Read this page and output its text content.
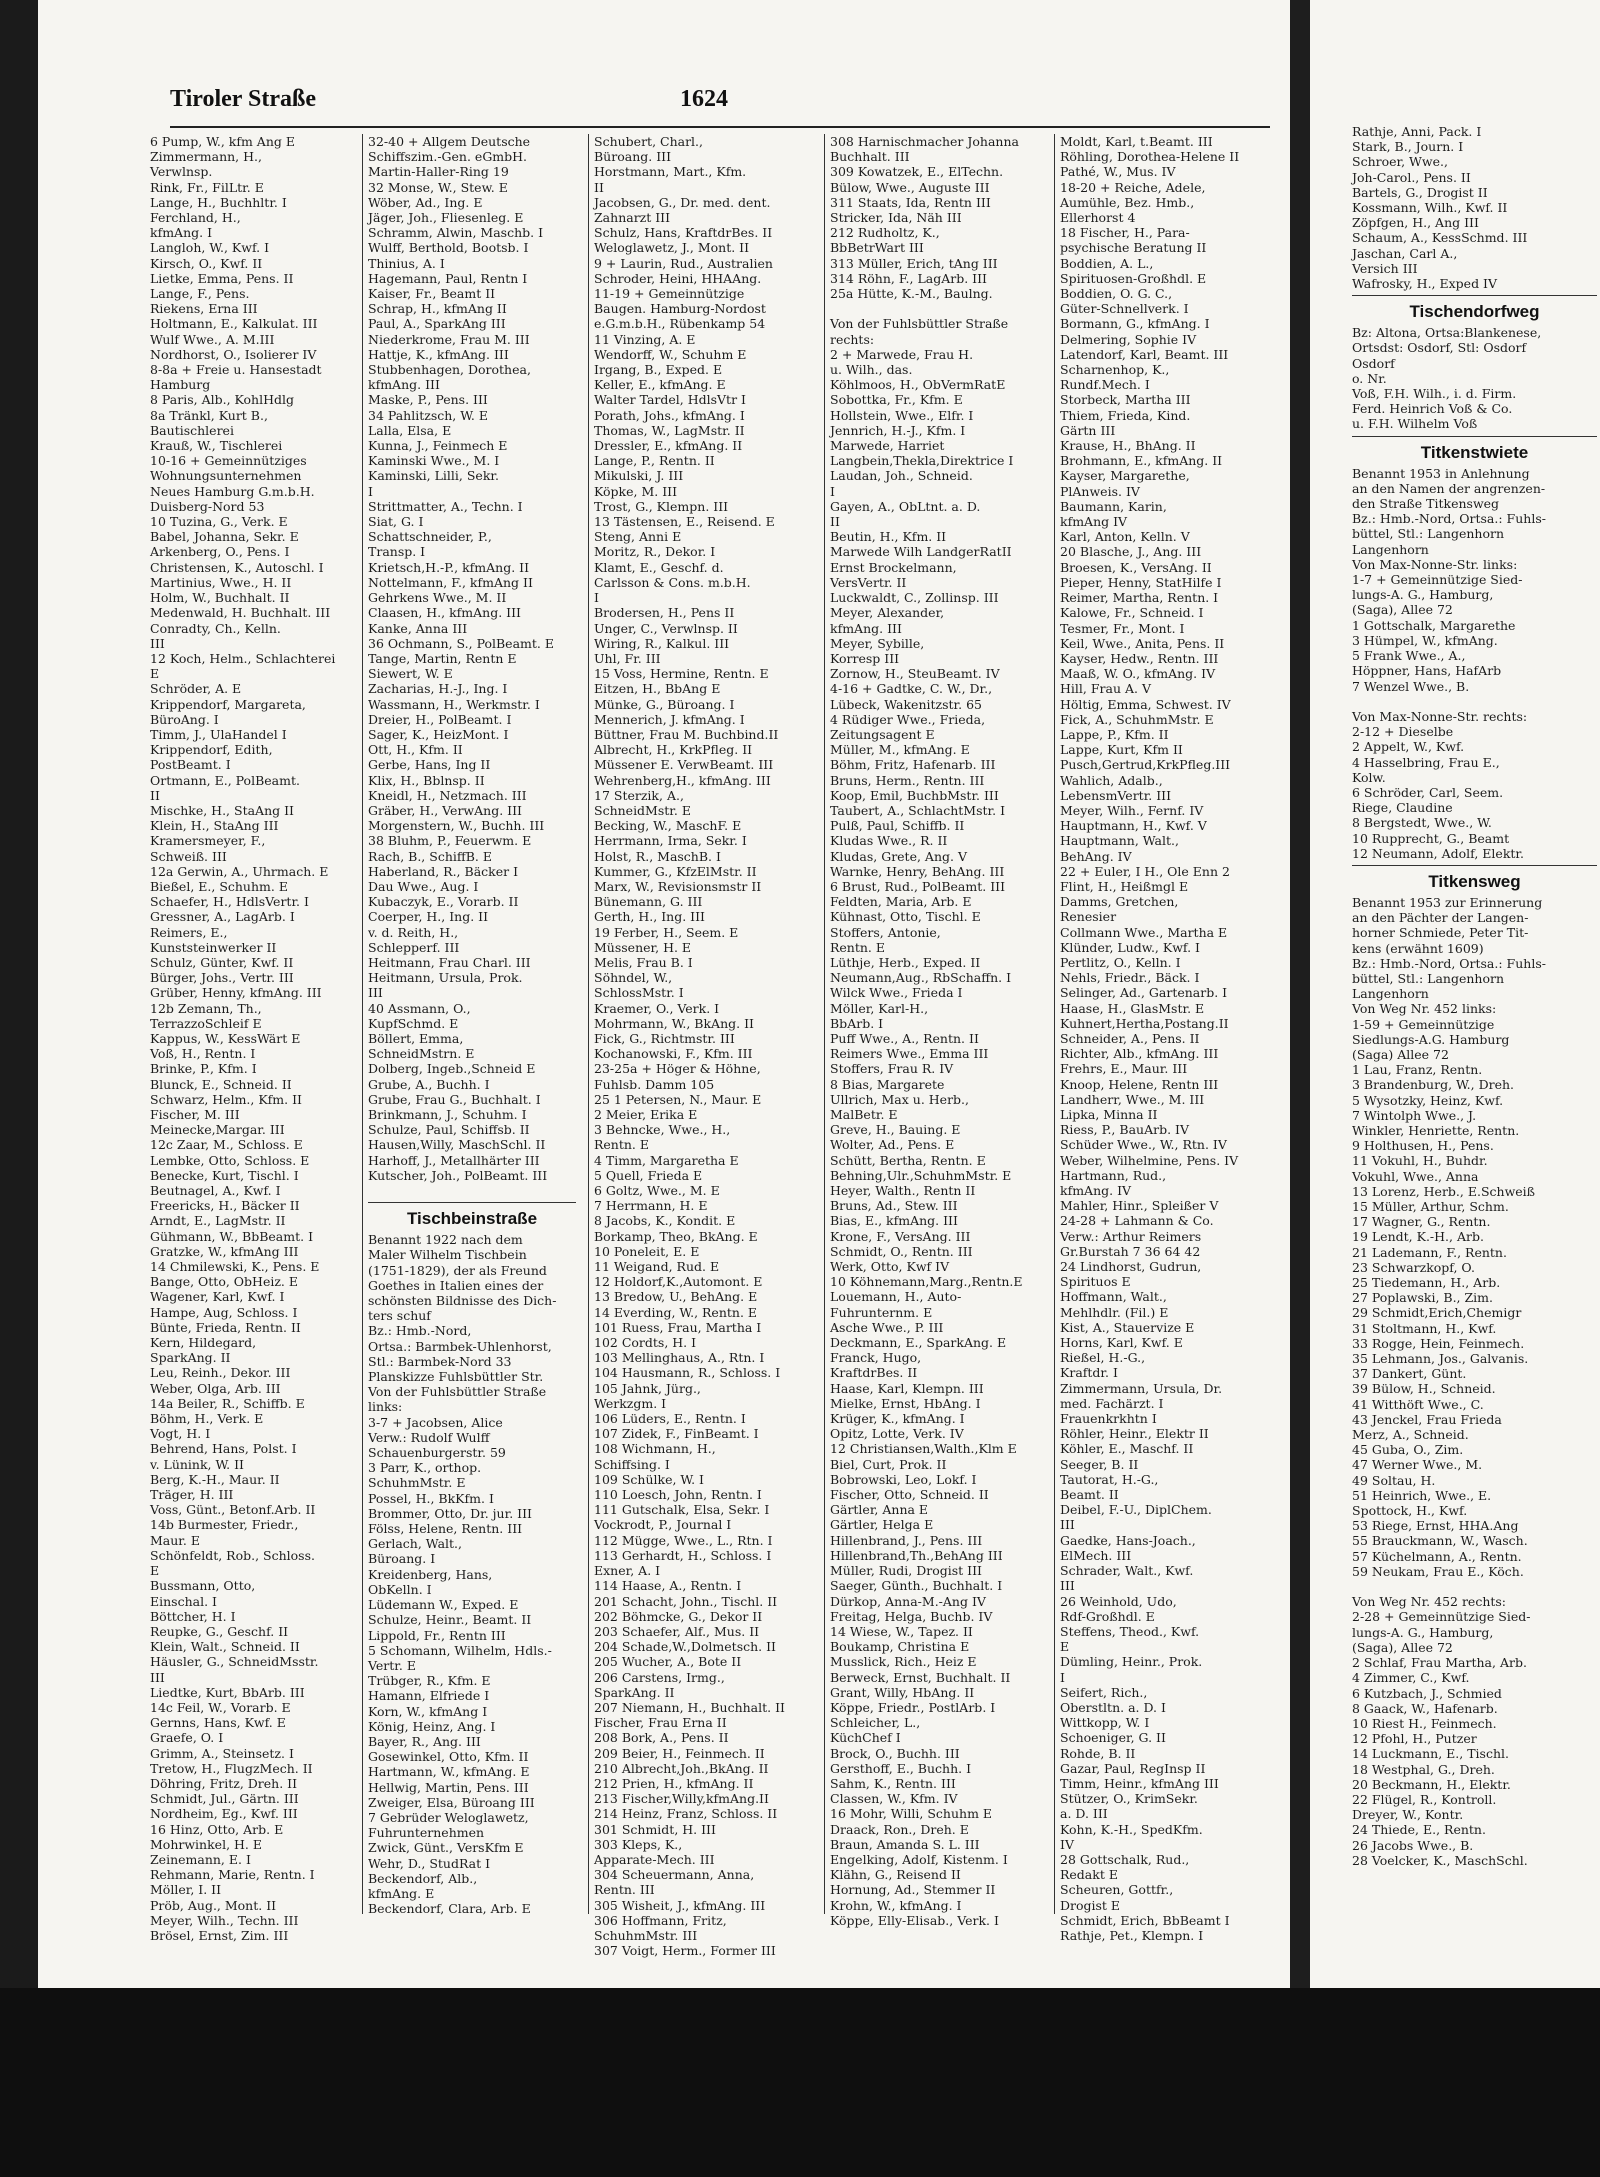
Tiroler Straße	1624
6 Pump, W., kfm Ang E
Zimmermann, H.,
Verwlnsp.
Rink, Fr., FilLtr. E
Lange, H., Buchhltr. I
Ferchland, H.,
kfmAng. I
Langloh, W., Kwf. I
Kirsch, O., Kwf. II
Lietke, Emma, Pens. II
Lange, F., Pens.
Riekens, Erna III
Holtmann, E., Kalkulat. III
Wulf Wwe., A. M.III
Nordhorst, O., Isolierer IV
8-8a + Freie u. Hansestadt
Hamburg
8 Paris, Alb., KohlHdlg
8a Tränkl, Kurt B.,
Bautischlerei
Krauß, W., Tischlerei
10-16 + Gemeinnütziges
Wohnungsunternehmen
Neues Hamburg G.m.b.H.
Duisberg-Nord 53
10 Tuzina, G., Verk. E
Babel, Johanna, Sekr. E
Arkenberg, O., Pens. I
Christensen, K., Autoschl. I
Martinius, Wwe., H. II
Holm, W., Buchhalt. II
Medenwald, H. Buchhalt. III
Conradty, Ch., Kelln.
III
12 Koch, Helm., Schlachterei
E
Schröder, A. E
Krippendorf, Margareta,
BüroAng. I
Timm, J., UlaHandel I
Krippendorf, Edith,
PostBeamt. I
Ortmann, E., PolBeamt.
II
Mischke, H., StaAng II
Klein, H., StaAng III
Kramersmeyer, F.,
Schweiß. III
12a Gerwin, A., Uhrmach. E
Bießel, E., Schuhm. E
Schaefer, H., HdlsVertr. I
Gressner, A., LagArb. I
Reimers, E.,
Kunststeinwerker II
Schulz, Günter, Kwf. II
Bürger, Johs., Vertr. III
Grüber, Henny, kfmAng. III
12b Zemann, Th.,
TerrazzoSchleif E
Kappus, W., KessWärt E
Voß, H., Rentn. I
Brinke, P., Kfm. I
Blunck, E., Schneid. II
Schwarz, Helm., Kfm. II
Fischer, M. III
Meinecke,Margar. III
12c Zaar, M., Schloss. E
Lembke, Otto, Schloss. E
Benecke, Kurt, Tischl. I
Beutnagel, A., Kwf. I
Freericks, H., Bäcker II
Arndt, E., LagMstr. II
Gühmann, W., BbBeamt. I
Gratzke, W., kfmAng III
14 Chmilewski, K., Pens. E
Bange, Otto, ObHeiz. E
Wagener, Karl, Kwf. I
Hampe, Aug, Schloss. I
Bünte, Frieda, Rentn. II
Kern, Hildegard,
SparkAng. II
Leu, Reinh., Dekor. III
Weber, Olga, Arb. III
14a Beiler, R., Schiffb. E
Böhm, H., Verk. E
Vogt, H. I
Behrend, Hans, Polst. I
v. Lünink, W. II
Berg, K.-H., Maur. II
Träger, H. III
Voss, Günt., Betonf.Arb. II
14b Burmester, Friedr.,
Maur. E
Schönfeldt, Rob., Schloss.
E
Bussmann, Otto,
Einschal. I
Böttcher, H. I
Reupke, G., Geschf. II
Klein, Walt., Schneid. II
Häusler, G., SchneidMsstr.
III
Liedtke, Kurt, BbArb. III
14c Feil, W., Vorarb. E
Gernns, Hans, Kwf. E
Graefe, O. I
Grimm, A., Steinsetz. I
Tretow, H., FlugzMech. II
Döhring, Fritz, Dreh. II
Schmidt, Jul., Gärtn. III
Nordheim, Eg., Kwf. III
16 Hinz, Otto, Arb. E
Mohrwinkel, H. E
Zeinemann, E. I
Rehmann, Marie, Rentn. I
Möller, I. II
Pröb, Aug., Mont. II
Meyer, Wilh., Techn. III
Brösel, Ernst, Zim. III
32-40 + Allgem Deutsche
Schiffszim.-Gen. eGmbH.
Martin-Haller-Ring 19
32 Monse, W., Stew. E
Wöber, Ad., Ing. E
Jäger, Joh., Fliesenleg. E
Schramm, Alwin, Maschb. I
Wulff, Berthold, Bootsb. I
Thinius, A. I
Hagemann, Paul, Rentn I
Kaiser, Fr., Beamt II
Schrap, H., kfmAng II
Paul, A., SparkAng III
Niederkrome, Frau M. III
Hattje, K., kfmAng. III
Stubbenhagen, Dorothea,
kfmAng. III
Maske, P., Pens. III
34 Pahlitzsch, W. E
Lalla, Elsa, E
Kunna, J., Feinmech E
Kaminski Wwe., M. I
Kaminski, Lilli, Sekr.
I
Strittmatter, A., Techn. I
Siat, G. I
Schattschneider, P.,
Transp. I
Krietsch,H.-P., kfmAng. II
Nottelmann, F., kfmAng II
Gehrkens Wwe., M. II
Claasen, H., kfmAng. III
Kanke, Anna III
36 Ochmann, S., PolBeamt. E
Tange, Martin, Rentn E
Siewert, W. E
Zacharias, H.-J., Ing. I
Wassmann, H., Werkmstr. I
Dreier, H., PolBeamt. I
Sager, K., HeizMont. I
Ott, H., Kfm. II
Gerbe, Hans, Ing II
Klix, H., Bblnsp. II
Kneidl, H., Netzmach. III
Gräber, H., VerwAng. III
Morgenstern, W., Buchh. III
38 Bluhm, P., Feuerwm. E
Rach, B., SchiffB. E
Haberland, R., Bäcker I
Dau Wwe., Aug. I
Kubaczyk, E., Vorarb. II
Coerper, H., Ing. II
v. d. Reith, H.,
Schlepperf. III
Heitmann, Frau Charl. III
Heitmann, Ursula, Prok.
III
40 Assmann, O.,
KupfSchmd. E
Böllert, Emma,
SchneidMstrn. E
Dolberg, Ingeb.,Schneid E
Grube, A., Buchh. I
Grube, Frau G., Buchhalt. I
Brinkmann, J., Schuhm. I
Schulze, Paul, Schiffsb. II
Hausen,Willy, MaschSchl. II
Harhoff, J., Metallhärter III
Kutscher, Joh., PolBeamt. III

Tischbeinstraße
Benannt 1922 nach dem
Maler Wilhelm Tischbein
(1751-1829), der als Freund
Goethes in Italien eines der
schönsten Bildnisse des Dich-
ters schuf
Bz.: Hmb.-Nord,
Ortsa.: Barmbek-Uhlenhorst,
Stl.: Barmbek-Nord 33
Planskizze Fuhlsbüttler Str.
Von der Fuhlsbüttler Straße
links:
3-7 + Jacobsen, Alice
Verw.: Rudolf Wulff
Schauenburgerstr. 59
3 Parr, K., orthop.
SchuhmMstr. E
Possel, H., BkKfm. I
Brommer, Otto, Dr. jur. III
Fölss, Helene, Rentn. III
Gerlach, Walt.,
Büroang. I
Kreidenberg, Hans,
ObKelln. I
Lüdemann W., Exped. E
Schulze, Heinr., Beamt. II
Lippold, Fr., Rentn III
5 Schomann, Wilhelm, Hdls.-
Vertr. E
Trübger, R., Kfm. E
Hamann, Elfriede I
Korn, W., kfmAng I
König, Heinz, Ang. I
Bayer, R., Ang. III
Gosewinkel, Otto, Kfm. II
Hartmann, W., kfmAng. E
Hellwig, Martin, Pens. III
Zweiger, Elsa, Büroang III
7 Gebrüder Weloglawetz,
Fuhrunternehmen
Zwick, Günt., VersKfm E
Wehr, D., StudRat I
Beckendorf, Alb.,
kfmAng. E
Beckendorf, Clara, Arb. E
Schubert, Charl.,
Büroang. III
Horstmann, Mart., Kfm.
II
Jacobsen, G., Dr. med. dent.
Zahnarzt III
Schulz, Hans, KraftdrBes. II
Weloglawetz, J., Mont. II
9 + Laurin, Rud., Australien
Schroder, Heini, HHAAng.
11-19 + Gemeinnützige
Baugen. Hamburg-Nordost
e.G.m.b.H., Rübenkamp 54
11 Vinzing, A. E
Wendorff, W., Schuhm E
Irgang, B., Exped. E
Keller, E., kfmAng. E
Walter Tardel, HdlsVtr I
Porath, Johs., kfmAng. I
Thomas, W., LagMstr. II
Dressler, E., kfmAng. II
Lange, P., Rentn. II
Mikulski, J. III
Köpke, M. III
Trost, G., Klempn. III
13 Tästensen, E., Reisend. E
Steng, Anni E
Moritz, R., Dekor. I
Klamt, E., Geschf. d.
Carlsson & Cons. m.b.H.
I
Brodersen, H., Pens II
Unger, C., Verwlnsp. II
Wiring, R., Kalkul. III
Uhl, Fr. III
15 Voss, Hermine, Rentn. E
Eitzen, H., BbAng E
Münke, G., Büroang. I
Mennerich, J. kfmAng. I
Büttner, Frau M. Buchbind.II
Albrecht, H., KrkPfleg. II
Müssener E. VerwBeamt. III
Wehrenberg,H., kfmAng. III
17 Sterzik, A.,
SchneidMstr. E
Becking, W., MaschF. E
Herrmann, Irma, Sekr. I
Holst, R., MaschB. I
Kummer, G., KfzElMstr. II
Marx, W., Revisionsmstr II
Bünemann, G. III
Gerth, H., Ing. III
19 Ferber, H., Seem. E
Müssener, H. E
Melis, Frau B. I
Söhndel, W.,
SchlossMstr. I
Kraemer, O., Verk. I
Mohrmann, W., BkAng. II
Fick, G., Richtmstr. III
Kochanowski, F., Kfm. III
23-25a + Höger & Höhne,
Fuhlsb. Damm 105
25 1 Petersen, N., Maur. E
2 Meier, Erika E
3 Behncke, Wwe., H.,
Rentn. E
4 Timm, Margaretha E
5 Quell, Frieda E
6 Goltz, Wwe., M. E
7 Herrmann, H. E
8 Jacobs, K., Kondit. E
Borkamp, Theo, BkAng. E
10 Poneleit, E. E
11 Weigand, Rud. E
12 Holdorf,K.,Automont. E
13 Bredow, U., BehAng. E
14 Everding, W., Rentn. E
101 Ruess, Frau, Martha I
102 Cordts, H. I
103 Mellinghaus, A., Rtn. I
104 Hausmann, R., Schloss. I
105 Jahnk, Jürg.,
Werkzgm. I
106 Lüders, E., Rentn. I
107 Zidek, F., FinBeamt. I
108 Wichmann, H.,
Schiffsing. I
109 Schülke, W. I
110 Loesch, John, Rentn. I
111 Gutschalk, Elsa, Sekr. I
Vockrodt, P., Journal I
112 Mügge, Wwe., L., Rtn. I
113 Gerhardt, H., Schloss. I
Exner, A. I
114 Haase, A., Rentn. I
201 Schacht, John., Tischl. II
202 Böhmcke, G., Dekor II
203 Schaefer, Alf., Mus. II
204 Schade,W.,Dolmetsch. II
205 Wucher, A., Bote II
206 Carstens, Irmg.,
SparkAng. II
207 Niemann, H., Buchhalt. II
Fischer, Frau Erna II
208 Bork, A., Pens. II
209 Beier, H., Feinmech. II
210 Albrecht,Joh.,BkAng. II
212 Prien, H., kfmAng. II
213 Fischer,Willy,kfmAng.II
214 Heinz, Franz, Schloss. II
301 Schmidt, H. III
303 Kleps, K.,
Apparate-Mech. III
304 Scheuermann, Anna,
Rentn. III
305 Wisheit, J., kfmAng. III
306 Hoffmann, Fritz,
SchuhmMstr. III
307 Voigt, Herm., Former III
308 Harnischmacher Johanna
Buchhalt. III
309 Kowatzek, E., ElTechn.
Bülow, Wwe., Auguste III
311 Staats, Ida, Rentn III
Stricker, Ida, Näh III
212 Rudholtz, K.,
BbBetrWart III
313 Müller, Erich, tAng III
314 Röhn, F., LagArb. III
25a Hütte, K.-M., Baulng.

Von der Fuhlsbüttler Straße
rechts:
2 + Marwede, Frau H.
u. Wilh., das.
Köhlmoos, H., ObVermRatE
Sobottka, Fr., Kfm. E
Hollstein, Wwe., Elfr. I
Jennrich, H.-J., Kfm. I
Marwede, Harriet
Langbein,Thekla,Direktrice I
Laudan, Joh., Schneid.
I
Gayen, A., ObLtnt. a. D.
II
Beutin, H., Kfm. II
Marwede Wilh LandgerRatII
Ernst Brockelmann,
VersVertr. II
Luckwaldt, C., Zollinsp. III
Meyer, Alexander,
kfmAng. III
Meyer, Sybille,
Korresp III
Zornow, H., SteuBeamt. IV
4-16 + Gadtke, C. W., Dr.,
Lübeck, Wakenitzstr. 65
4 Rüdiger Wwe., Frieda,
Zeitungsagent E
Müller, M., kfmAng. E
Böhm, Fritz, Hafenarb. III
Bruns, Herm., Rentn. III
Koop, Emil, BuchbMstr. III
Taubert, A., SchlachtMstr. I
Pulß, Paul, Schiffb. II
Kludas Wwe., R. II
Kludas, Grete, Ang. V
Warnke, Henry, BehAng. III
6 Brust, Rud., PolBeamt. III
Feldten, Maria, Arb. E
Kühnast, Otto, Tischl. E
Stoffers, Antonie,
Rentn. E
Lüthje, Herb., Exped. II
Neumann,Aug., RbSchaffn. I
Wilck Wwe., Frieda I
Möller, Karl-H.,
BbArb. I
Puff Wwe., A., Rentn. II
Reimers Wwe., Emma III
Stoffers, Frau R. IV
8 Bias, Margarete
Ullrich, Max u. Herb.,
MalBetr. E
Greve, H., Bauing. E
Wolter, Ad., Pens. E
Schütt, Bertha, Rentn. E
Behning,Ulr.,SchuhmMstr. E
Heyer, Walth., Rentn II
Bruns, Ad., Stew. III
Bias, E., kfmAng. III
Krone, F., VersAng. III
Schmidt, O., Rentn. III
Werk, Otto, Kwf IV
10 Köhnemann,Marg.,Rentn.E
Louemann, H., Auto-
Fuhrunternm. E
Asche Wwe., P. III
Deckmann, E., SparkAng. E
Franck, Hugo,
KraftdrBes. II
Haase, Karl, Klempn. III
Mielke, Ernst, HbAng. I
Krüger, K., kfmAng. I
Opitz, Lotte, Verk. IV
12 Christiansen,Walth.,Klm E
Biel, Curt, Prok. II
Bobrowski, Leo, Lokf. I
Fischer, Otto, Schneid. II
Gärtler, Anna E
Gärtler, Helga E
Hillenbrand, J., Pens. III
Hillenbrand,Th.,BehAng III
Müller, Rudi, Drogist III
Saeger, Günth., Buchhalt. I
Dürkop, Anna-M.-Ang IV
Freitag, Helga, Buchb. IV
14 Wiese, W., Tapez. II
Boukamp, Christina E
Musslick, Rich., Heiz E
Berweck, Ernst, Buchhalt. II
Grant, Willy, HbAng. II
Köppe, Friedr., PostlArb. I
Schleicher, L.,
KüchChef I
Brock, O., Buchh. III
Gersthoff, E., Buchh. I
Sahm, K., Rentn. III
Classen, W., Kfm. IV
16 Mohr, Willi, Schuhm E
Draack, Ron., Dreh. E
Braun, Amanda S. L. III
Engelking, Adolf, Kistenm. I
Klähn, G., Reisend II
Hornung, Ad., Stemmer II
Krohn, W., kfmAng. I
Köppe, Elly-Elisab., Verk. I
Moldt, Karl, t.Beamt. III
Röhling, Dorothea-Helene II
Pathé, W., Mus. IV
18-20 + Reiche, Adele,
Aumühle, Bez. Hmb.,
Ellerhorst 4
18 Fischer, H., Para-
psychische Beratung II
Boddien, A. L.,
Spirituosen-Großhdl. E
Boddien, O. G. C.,
Güter-Schnellverk. I
Bormann, G., kfmAng. I
Delmering, Sophie IV
Latendorf, Karl, Beamt. III
Scharnenhop, K.,
Rundf.Mech. I
Storbeck, Martha III
Thiem, Frieda, Kind.
Gärtn III
Krause, H., BhAng. II
Brohmann, E., kfmAng. II
Kayser, Margarethe,
PlAnweis. IV
Baumann, Karin,
kfmAng IV
Karl, Anton, Kelln. V
20 Blasche, J., Ang. III
Broesen, K., VersAng. II
Pieper, Henny, StatHilfe I
Reimer, Martha, Rentn. I
Kalowe, Fr., Schneid. I
Tesmer, Fr., Mont. I
Keil, Wwe., Anita, Pens. II
Kayser, Hedw., Rentn. III
Maaß, W. O., kfmAng. IV
Hill, Frau A. V
Höltig, Emma, Schwest. IV
Fick, A., SchuhmMstr. E
Lappe, P., Kfm. II
Lappe, Kurt, Kfm II
Pusch,Gertrud,KrkPfleg.III
Wahlich, Adalb.,
LebensmVertr. III
Meyer, Wilh., Fernf. IV
Hauptmann, H., Kwf. V
Hauptmann, Walt.,
BehAng. IV
22 + Euler, I H., Ole Enn 2
Flint, H., Heißmgl E
Damms, Gretchen,
Renesier
Collmann Wwe., Martha E
Klünder, Ludw., Kwf. I
Pertlitz, O., Kelln. I
Nehls, Friedr., Bäck. I
Selinger, Ad., Gartenarb. I
Haase, H., GlasMstr. E
Kuhnert,Hertha,Postang.II
Schneider, A., Pens. II
Richter, Alb., kfmAng. III
Frehrs, E., Maur. III
Knoop, Helene, Rentn III
Landherr, Wwe., M. III
Lipka, Minna II
Riess, P., BauArb. IV
Schüder Wwe., W., Rtn. IV
Weber, Wilhelmine, Pens. IV
Hartmann, Rud.,
kfmAng. IV
Mahler, Hinr., Spleißer V
24-28 + Lahmann & Co.
Verw.: Arthur Reimers
Gr.Burstah 7 36 64 42
24 Lindhorst, Gudrun,
Spirituos E
Hoffmann, Walt.,
Mehlhdlr. (Fil.) E
Kist, A., Stauervize E
Horns, Karl, Kwf. E
Rießel, H.-G.,
Kraftdr. I
Zimmermann, Ursula, Dr.
med. Fachärzt. I
Frauenkrkhtn I
Röhler, Heinr., Elektr II
Köhler, E., Maschf. II
Seeger, B. II
Tautorat, H.-G.,
Beamt. II
Deibel, F.-U., DiplChem.
III
Gaedke, Hans-Joach.,
ElMech. III
Schrader, Walt., Kwf.
III
26 Weinhold, Udo,
Rdf-Großhdl. E
Steffens, Theod., Kwf.
E
Dümling, Heinr., Prok.
I
Seifert, Rich.,
Oberstltn. a. D. I
Wittkopp, W. I
Schoeniger, G. II
Rohde, B. II
Gazar, Paul, RegInsp II
Timm, Heinr., kfmAng III
Stützer, O., KrimSekr.
a. D. III
Kohn, K.-H., SpedKfm.
IV
28 Gottschalk, Rud.,
Redakt E
Scheuren, Gottfr.,
Drogist E
Schmidt, Erich, BbBeamt I
Rathje, Pet., Klempn. I
Rathje, Anni, Pack. I
Stark, B., Journ. I
Schroer, Wwe.,
Joh-Carol., Pens. II
Bartels, G., Drogist II
Kossmann, Wilh., Kwf. II
Zöpfgen, H., Ang III
Schaum, A., KessSchmd. III
Jaschan, Carl A.,
Versich III
Wafrosky, H., Exped IV
Tischendorfweg
Bz: Altona, Ortsa:Blankenese,
Ortsdst: Osdorf, Stl: Osdorf
Osdorf
o. Nr.
Voß, F.H. Wilh., i. d. Firm.
Ferd. Heinrich Voß & Co.
u. F.H. Wilhelm Voß
Titkenstwiete
Benannt 1953 in Anlehnung
an den Namen der angrenzen-
den Straße Titkensweg
Bz.: Hmb.-Nord, Ortsa.: Fuhls-
büttel, Stl.: Langenhorn
Langenhorn
Von Max-Nonne-Str. links:
1-7 + Gemeinnützige Sied-
lungs-A. G., Hamburg,
(Saga), Allee 72
1 Gottschalk, Margarethe
3 Hümpel, W., kfmAng.
5 Frank Wwe., A.,
Höppner, Hans, HafArb
7 Wenzel Wwe., B.

Von Max-Nonne-Str. rechts:
2-12 + Dieselbe
2 Appelt, W., Kwf.
4 Hasselbring, Frau E.,
Kolw.
6 Schröder, Carl, Seem.
Riege, Claudine
8 Bergstedt, Wwe., W.
10 Rupprecht, G., Beamt
12 Neumann, Adolf, Elektr.
Titkensweg
Benannt 1953 zur Erinnerung
an den Pächter der Langen-
horner Schmiede, Peter Tit-
kens (erwähnt 1609)
Bz.: Hmb.-Nord, Ortsa.: Fuhls-
büttel, Stl.: Langenhorn
Langenhorn
Von Weg Nr. 452 links:
1-59 + Gemeinnützige
Siedlungs-A.G. Hamburg
(Saga) Allee 72
1 Lau, Franz, Rentn.
3 Brandenburg, W., Dreh.
5 Wysotzky, Heinz, Kwf.
7 Wintolph Wwe., J.
Winkler, Henriette, Rentn.
9 Holthusen, H., Pens.
11 Vokuhl, H., Buhdr.
Vokuhl, Wwe., Anna
13 Lorenz, Herb., E.Schweiß
15 Müller, Arthur, Schm.
17 Wagner, G., Rentn.
19 Lendt, K.-H., Arb.
21 Lademann, F., Rentn.
23 Schwarzkopf, O.
25 Tiedemann, H., Arb.
27 Poplawski, B., Zim.
29 Schmidt,Erich,Chemigr
31 Stoltmann, H., Kwf.
33 Rogge, Hein, Feinmech.
35 Lehmann, Jos., Galvanis.
37 Dankert, Günt.
39 Bülow, H., Schneid.
41 Witthöft Wwe., C.
43 Jenckel, Frau Frieda
Merz, A., Schneid.
45 Guba, O., Zim.
47 Werner Wwe., M.
49 Soltau, H.
51 Heinrich, Wwe., E.
Spottock, H., Kwf.
53 Riege, Ernst, HHA.Ang
55 Brauckmann, W., Wasch.
57 Küchelmann, A., Rentn.
59 Neukam, Frau E., Köch.

Von Weg Nr. 452 rechts:
2-28 + Gemeinnützige Sied-
lungs-A. G., Hamburg,
(Saga), Allee 72
2 Schlaf, Frau Martha, Arb.
4 Zimmer, C., Kwf.
6 Kutzbach, J., Schmied
8 Gaack, W., Hafenarb.
10 Riest H., Feinmech.
12 Pfohl, H., Putzer
14 Luckmann, E., Tischl.
18 Westphal, G., Dreh.
20 Beckmann, H., Elektr.
22 Flügel, R., Kontroll.
Dreyer, W., Kontr.
24 Thiede, E., Rentn.
26 Jacobs Wwe., B.
28 Voelcker, K., MaschSchl.
